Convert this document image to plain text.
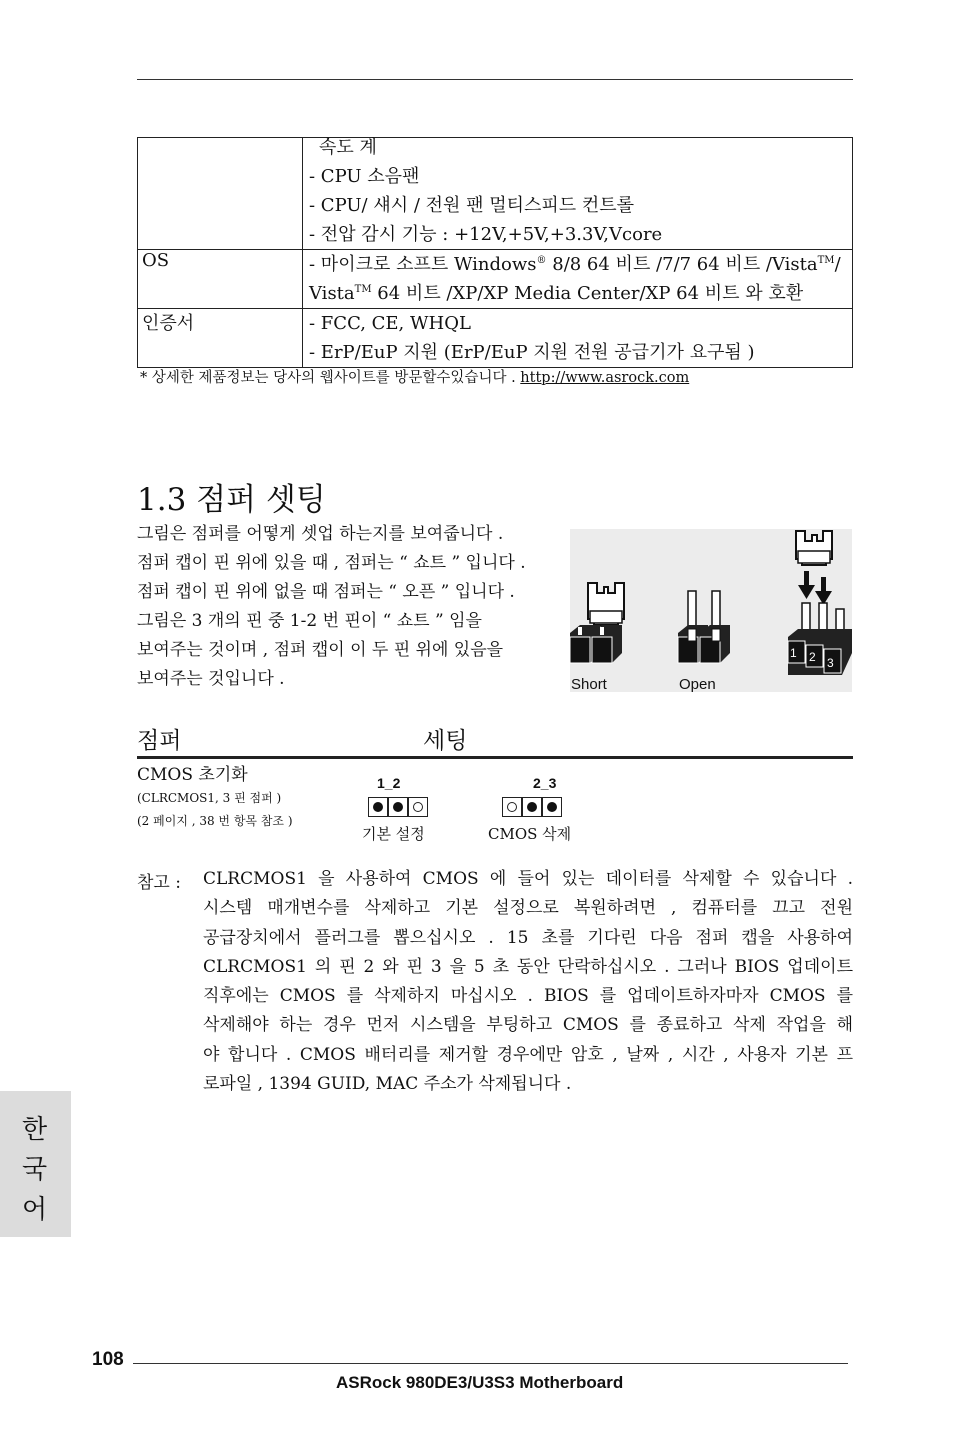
	속도 계
- CPU 소음팬
- CPU/ 섀시 / 전원 팬 멀티스피드 컨트롤
- 전압 감시 기능 : +12V,+5V,+3.3V,Vcore

OS	- 마이크로 소프트 Windows® 8/8 64 비트 /7/7 64 비트 /Vista™/
Vista™ 64 비트 /XP/XP Media Center/XP 64 비트 와 호환

인증서	- FCC, CE, WHQL
- ErP/EuP 지원 (ErP/EuP 지원 전원 공급기가 요구됨 )
* 상세한 제품정보는 당사의 웹사이트를 방문할수있습니다 . http://www.asrock.com
1.3 점퍼 셋팅
그림은 점퍼를 어떻게 셋업 하는지를 보여줍니다 .
점퍼 캡이 핀 위에 있을 때 , 점퍼는 “ 쇼트 ” 입니다 .
점퍼 캡이 핀 위에 없을 때 점퍼는 “ 오픈 ” 입니다 .
그림은 3 개의 핀 중 1-2 번 핀이 “ 쇼트 ” 임을
보여주는 것이며 , 점퍼 캡이 이 두 핀 위에 있음을
보여주는 것입니다 .
1 2 3
Short	Open
점퍼	세팅
CMOS 초기화
(CLRCMOS1, 3 핀 점퍼 )
(2 페이지 , 38 번 항목 참조 )
1_2
기본 설정
2_3
CMOS 삭제
참고 : CLRCMOS1 을 사용하여 CMOS 에 들어 있는 데이터를 삭제할 수 있습니다 .
시스템 매개변수를 삭제하고 기본 설정으로 복원하려면 , 컴퓨터를 끄고 전원
공급장치에서 플러그를 뽑으십시오 . 15 초를 기다린 다음 점퍼 캡을 사용하여
CLRCMOS1 의 핀 2 와 핀 3 을 5 초 동안 단락하십시오 . 그러나 BIOS 업데이트
직후에는 CMOS 를 삭제하지 마십시오 . BIOS 를 업데이트하자마자 CMOS 를
삭제해야 하는 경우 먼저 시스템을 부팅하고 CMOS 를 종료하고 삭제 작업을 해
야 합니다 . CMOS 배터리를 제거할 경우에만 암호 , 날짜 , 시간 , 사용자 기본 프
로파일 , 1394 GUID, MAC 주소가 삭제됩니다 .
한
국
어
108
ASRock 980DE3/U3S3 Motherboard
